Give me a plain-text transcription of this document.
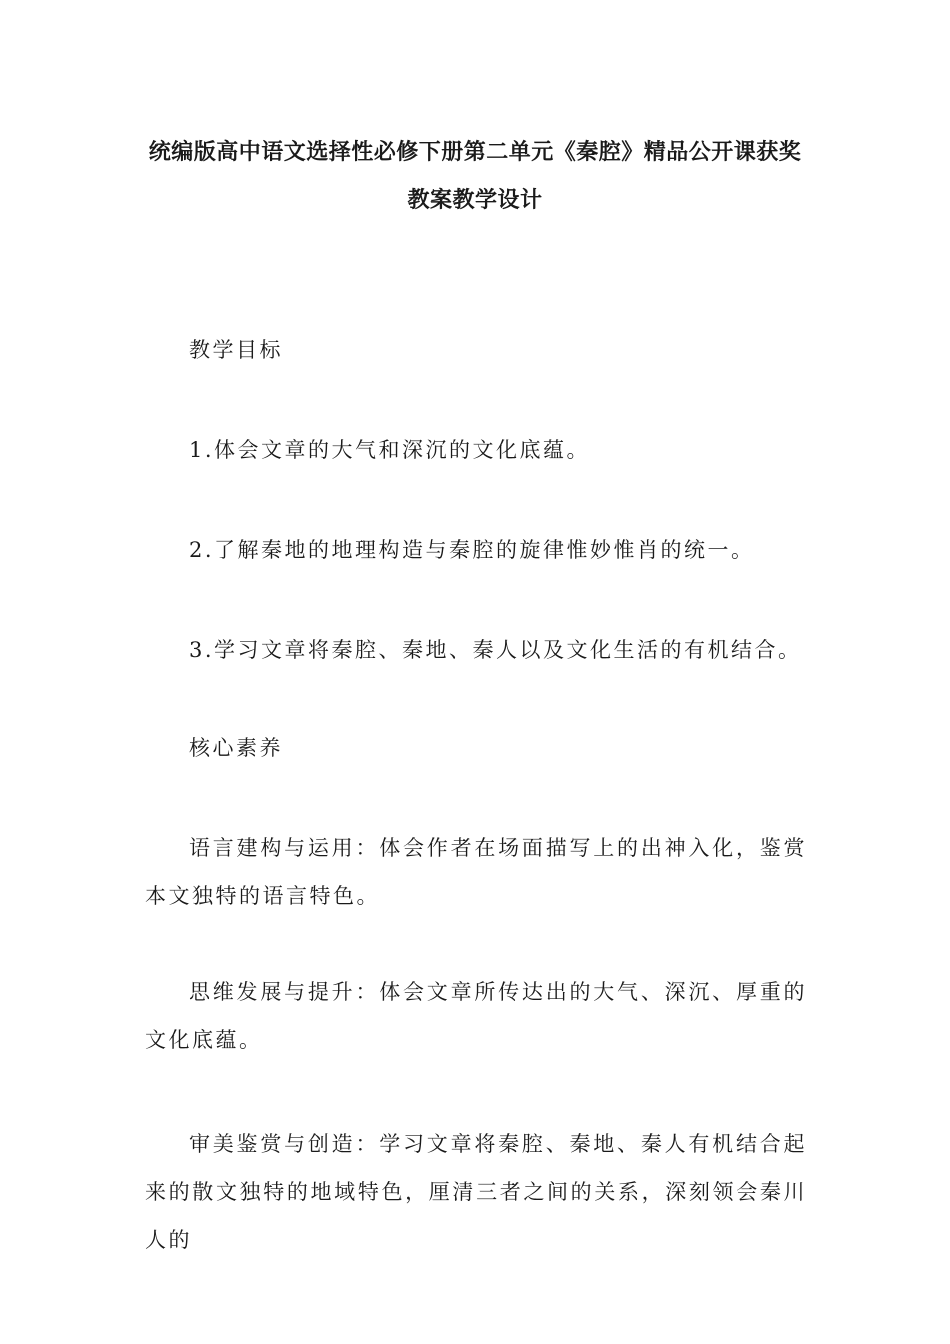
统编版高中语文选择性必修下册第二单元《秦腔》精品公开课获奖
教案教学设计
教学目标
1.体会文章的大气和深沉的文化底蕴。
2.了解秦地的地理构造与秦腔的旋律惟妙惟肖的统一。
3.学习文章将秦腔、秦地、秦人以及文化生活的有机结合。
核心素养
语言建构与运用：体会作者在场面描写上的出神入化，鉴赏本文独特的语言特色。
思维发展与提升：体会文章所传达出的大气、深沉、厚重的文化底蕴。
审美鉴赏与创造：学习文章将秦腔、秦地、秦人有机结合起来的散文独特的地域特色，厘清三者之间的关系，深刻领会秦川人的
